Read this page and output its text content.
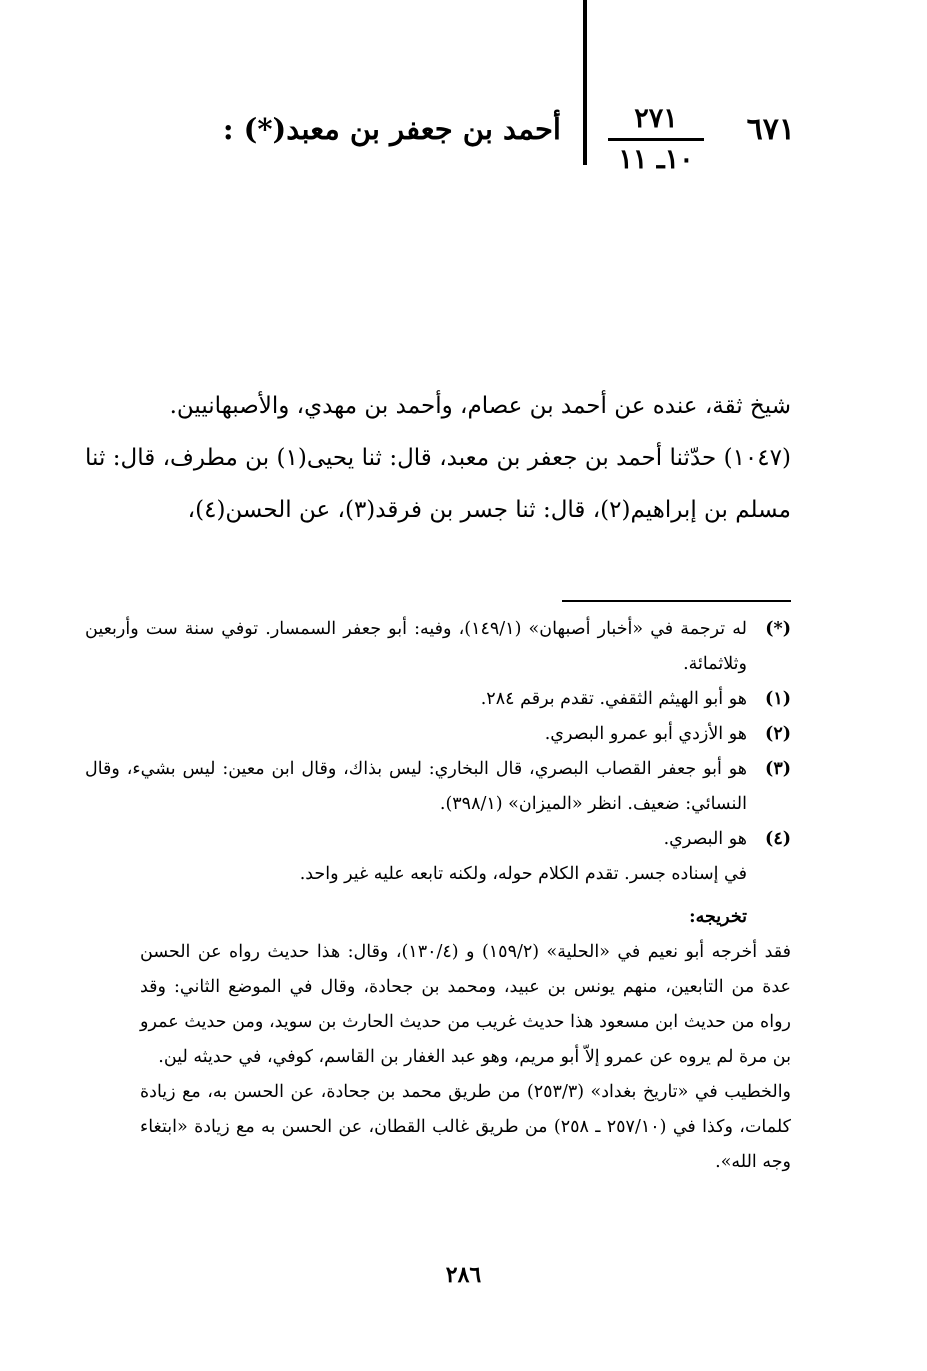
٦٧١
٢٧١
١٠ـ ١١
أحمد بن جعفر بن معبد(*) :

شيخ ثقة، عنده عن أحمد بن عصام، وأحمد بن مهدي، والأصبهانيين.

(١٠٤٧) حدّثنا أحمد بن جعفر بن معبد، قال: ثنا يحيى(١) بن مطرف، قال: ثنا مسلم بن إبراهيم(٢)، قال: ثنا جسر بن فرقد(٣)، عن الحسن(٤)،

(*)
له ترجمة في «أخبار أصبهان» (١٤٩/١)، وفيه: أبو جعفر السمسار. توفي سنة ست وأربعين وثلاثمائة.
(١)
هو أبو الهيثم الثقفي. تقدم برقم ٢٨٤.
(٢)
هو الأزدي أبو عمرو البصري.
(٣)
هو أبو جعفر القصاب البصري، قال البخاري: ليس بذاك، وقال ابن معين: ليس بشيء، وقال النسائي: ضعيف. انظر «الميزان» (٣٩٨/١).
(٤)
هو البصري.
في إسناده جسر. تقدم الكلام حوله، ولكنه تابعه عليه غير واحد.
تخريجه:
فقد أخرجه أبو نعيم في «الحلية» (١٥٩/٢) و (١٣٠/٤)، وقال: هذا حديث رواه عن الحسن عدة من التابعين، منهم يونس بن عبيد، ومحمد بن جحادة، وقال في الموضع الثاني: وقد رواه من حديث ابن مسعود هذا حديث غريب من حديث الحارث بن سويد، ومن حديث عمرو بن مرة لم يروه عن عمرو إلاّ أبو مريم، وهو عبد الغفار بن القاسم، كوفي، في حديثه لين.
والخطيب في «تاريخ بغداد» (٢٥٣/٣) من طريق محمد بن جحادة، عن الحسن به، مع زيادة كلمات، وكذا في (٢٥٧/١٠ ـ ٢٥٨) من طريق غالب القطان، عن الحسن به مع زيادة «ابتغاء وجه الله».
٢٨٦
